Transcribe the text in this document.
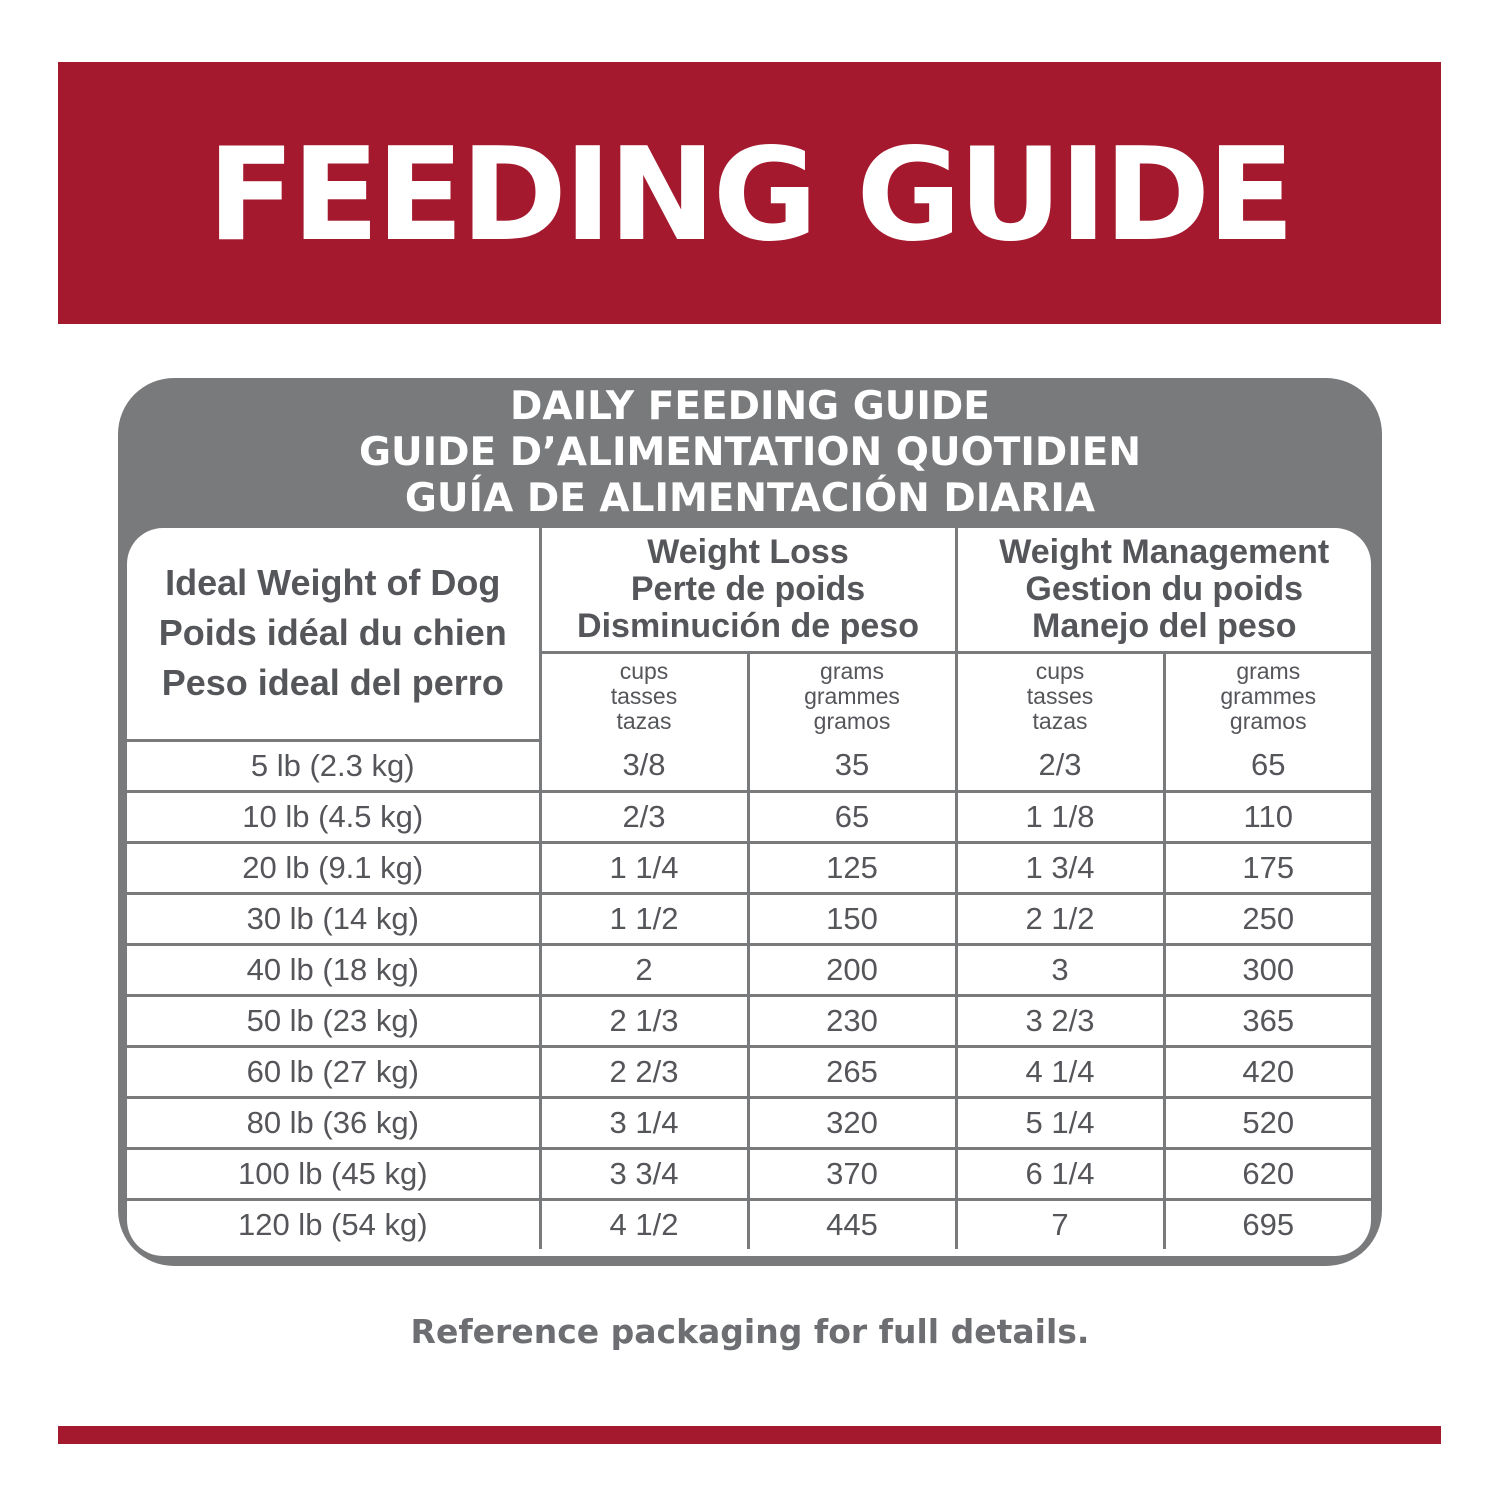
FEEDING GUIDE
DAILY FEEDING GUIDE
GUIDE D’ALIMENTATION QUOTIDIEN
GUÍA DE ALIMENTACIÓN DIARIA
Ideal Weight of Dog
Poids idéal du chien
Peso ideal del perro	Weight Loss
Perte de poids
Disminución de peso		Weight Management
Gestion du poids
Manejo del peso	

	cups
tasses
tazas	grams
grammes
gramos	cups
tasses
tazas	grams
grammes
gramos

5 lb (2.3 kg)	3/8	35	2/3	65
10 lb (4.5 kg)	2/3	65	1 1/8	110
20 lb (9.1 kg)	1 1/4	125	1 3/4	175
30 lb (14 kg)	1 1/2	150	2 1/2	250
40 lb (18 kg)	2	200	3	300
50 lb (23 kg)	2 1/3	230	3 2/3	365
60 lb (27 kg)	2 2/3	265	4 1/4	420
80 lb (36 kg)	3 1/4	320	5 1/4	520
100 lb (45 kg)	3 3/4	370	6 1/4	620
120 lb (54 kg)	4 1/2	445	7	695
Reference packaging for full details.
